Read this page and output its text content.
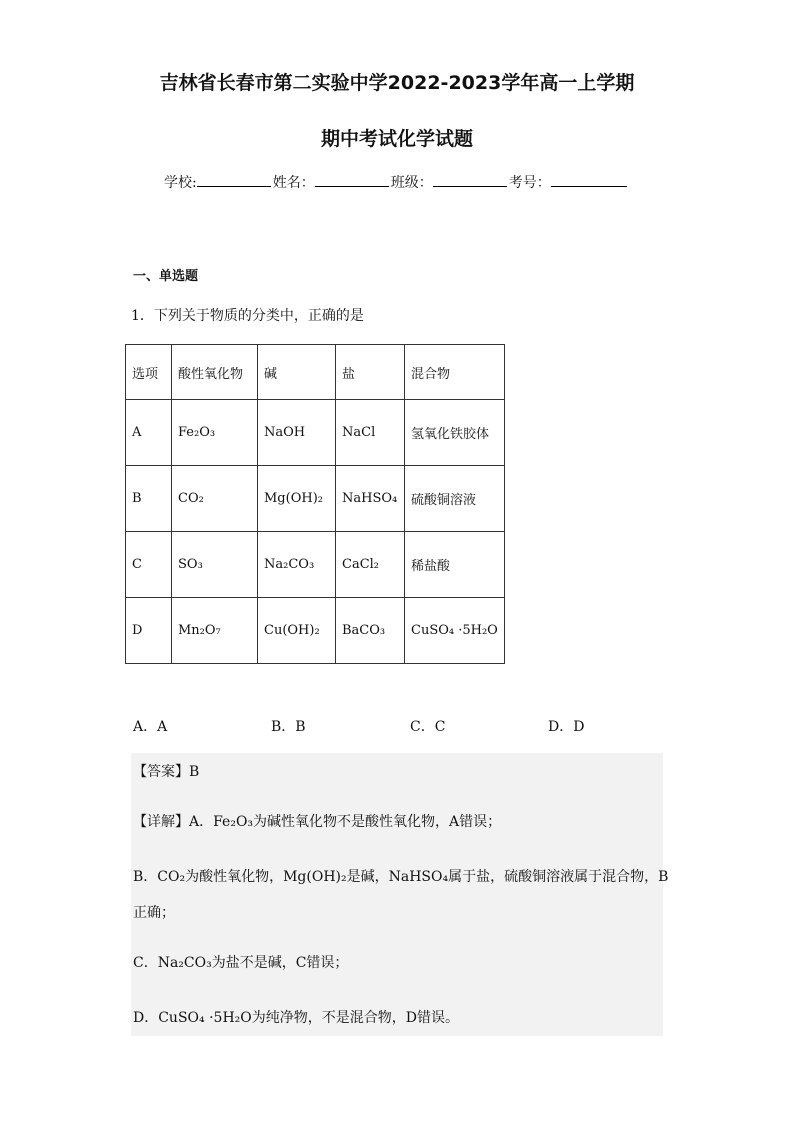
吉林省长春市第二实验中学2022-2023学年高一上学期
期中考试化学试题
学校:	姓名：	班级：	考号：
一、单选题
1．下列关于物质的分类中，正确的是
选项	酸性氧化物	碱	盐	混合物
A	Fe₂O₃	NaOH	NaCl	氢氧化铁胶体
B	CO₂	Mg(OH)₂	NaHSO₄	硫酸铜溶液
C	SO₃	Na₂CO₃	CaCl₂	稀盐酸
D	Mn₂O₇	Cu(OH)₂	BaCO₃	CuSO₄ ·5H₂O
A．A	B．B	C．C	D．D
【答案】B
【详解】A．Fe₂O₃为碱性氧化物不是酸性氧化物，A错误；
B．CO₂为酸性氧化物，Mg(OH)₂是碱，NaHSO₄属于盐，硫酸铜溶液属于混合物，B
正确；
C．Na₂CO₃为盐不是碱，C错误；
D．CuSO₄ ·5H₂O为纯净物，不是混合物，D错误。
